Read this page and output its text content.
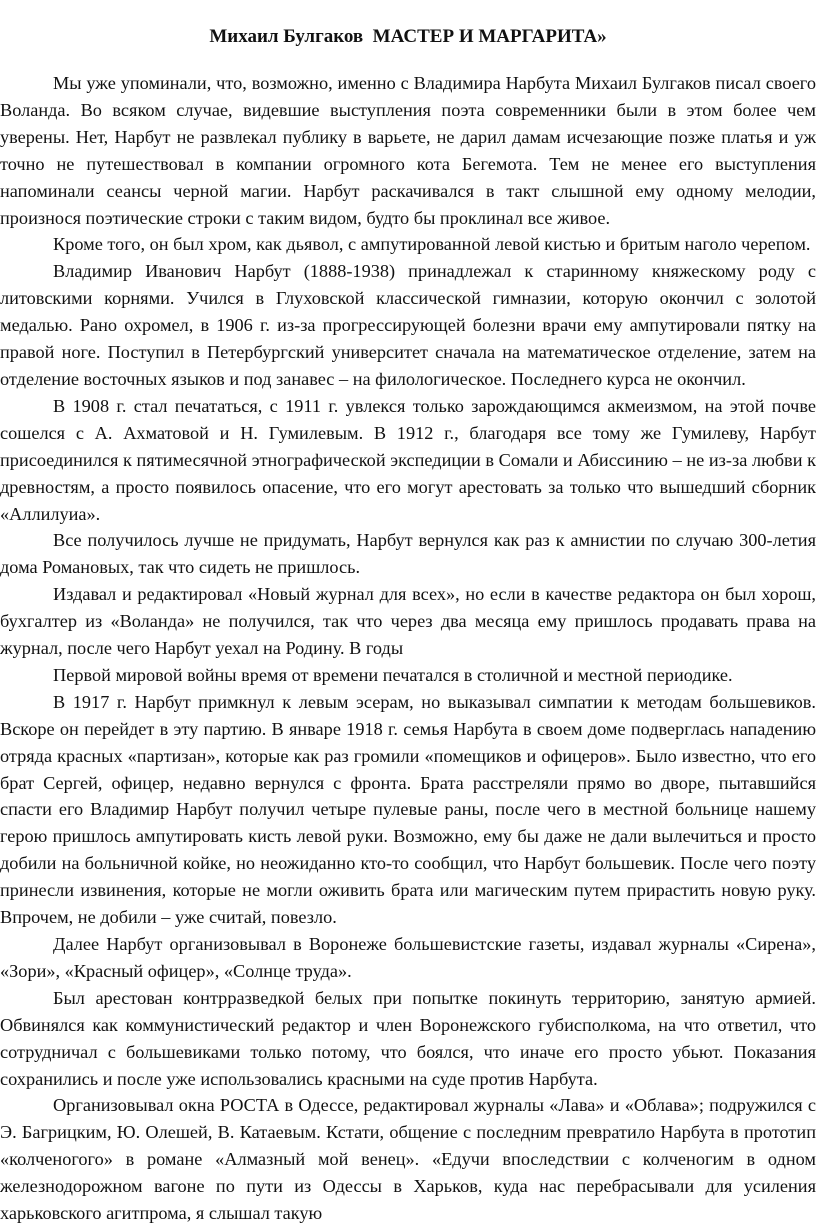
Михаил Булгаков  МАСТЕР И МАРГАРИТА»

Мы уже упоминали, что, возможно, именно с Владимира Нарбута Михаил Булгаков писал своего Воланда. Во всяком случае, видевшие выступления поэта современники были в этом более чем уверены. Нет, Нарбут не развлекал публику в варьете, не дарил дамам исчезающие позже платья и уж точно не путешествовал в компании огромного кота Бегемота. Тем не менее его выступления напоминали сеансы черной магии. Нарбут раскачивался в такт слышной ему одному мелодии, произнося поэтические строки с таким видом, будто бы проклинал все живое.

Кроме того, он был хром, как дьявол, с ампутированной левой кистью и бритым наголо черепом.

Владимир Иванович Нарбут (1888-1938) принадлежал к старинному княжескому роду с литовскими корнями. Учился в Глуховской классической гимназии, которую окончил с золотой медалью. Рано охромел, в 1906 г. из-за прогрессирующей болезни врачи ему ампутировали пятку на правой ноге. Поступил в Петербургский университет сначала на математическое отделение, затем на отделение восточных языков и под занавес – на филологическое. Последнего курса не окончил.

В 1908 г. стал печататься, с 1911 г. увлекся только зарождающимся акмеизмом, на этой почве сошелся с А. Ахматовой и Н. Гумилевым. В 1912 г., благодаря все тому же Гумилеву, Нарбут присоединился к пятимесячной этнографической экспедиции в Сомали и Абиссинию – не из-за любви к древностям, а просто появилось опасение, что его могут арестовать за только что вышедший сборник «Аллилуиа».

Все получилось лучше не придумать, Нарбут вернулся как раз к амнистии по случаю 300-летия дома Романовых, так что сидеть не пришлось.

Издавал и редактировал «Новый журнал для всех», но если в качестве редактора он был хорош, бухгалтер из «Воланда» не получился, так что через два месяца ему пришлось продавать права на журнал, после чего Нарбут уехал на Родину. В годы

Первой мировой войны время от времени печатался в столичной и местной периодике.

В 1917 г. Нарбут примкнул к левым эсерам, но выказывал симпатии к методам большевиков. Вскоре он перейдет в эту партию. В январе 1918 г. семья Нарбута в своем доме подверглась нападению отряда красных «партизан», которые как раз громили «помещиков и офицеров». Было известно, что его брат Сергей, офицер, недавно вернулся с фронта. Брата расстреляли прямо во дворе, пытавшийся спасти его Владимир Нарбут получил четыре пулевые раны, после чего в местной больнице нашему герою пришлось ампутировать кисть левой руки. Возможно, ему бы даже не дали вылечиться и просто добили на больничной койке, но неожиданно кто-то сообщил, что Нарбут большевик. После чего поэту принесли извинения, которые не могли оживить брата или магическим путем прирастить новую руку. Впрочем, не добили – уже считай, повезло.

Далее Нарбут организовывал в Воронеже большевистские газеты, издавал журналы «Сирена», «Зори», «Красный офицер», «Солнце труда».

Был арестован контрразведкой белых при попытке покинуть территорию, занятую армией. Обвинялся как коммунистический редактор и член Воронежского губисполкома, на что ответил, что сотрудничал с большевиками только потому, что боялся, что иначе его просто убьют. Показания сохранились и после уже использовались красными на суде против Нарбута.

Организовывал окна РОСТА в Одессе, редактировал журналы «Лава» и «Облава»; подружился с Э. Багрицким, Ю. Олешей, В. Катаевым. Кстати, общение с последним превратило Нарбута в прототип «колченогого» в романе «Алмазный мой венец». «Едучи впоследствии с колченогим в одном железнодорожном вагоне по пути из Одессы в Харьков, куда нас перебрасывали для усиления харьковского агитпрома, я слышал такую
